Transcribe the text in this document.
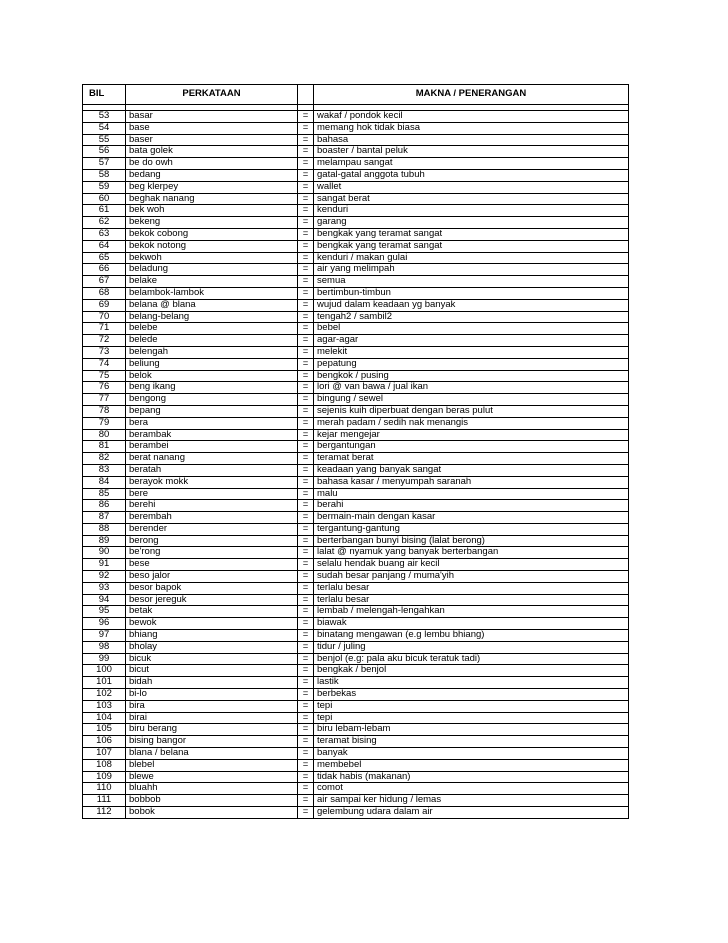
BIL	PERKATAAN		MAKNA / PENERANGAN

53	basar	=	wakaf / pondok kecil
54	base	=	memang hok tidak biasa
55	baser	=	bahasa
56	bata golek	=	boaster / bantal peluk
57	be do owh	=	melampau sangat
58	bedang	=	gatal-gatal anggota tubuh
59	beg klerpey	=	wallet
60	beghak nanang	=	sangat berat
61	bek woh	=	kenduri
62	bekeng	=	garang
63	bekok cobong	=	bengkak yang teramat sangat
64	bekok notong	=	bengkak yang teramat sangat
65	bekwoh	=	kenduri / makan gulai
66	beladung	=	air yang melimpah
67	belake	=	semua
68	belambok-lambok	=	bertimbun-timbun
69	belana @ blana	=	wujud dalam keadaan yg banyak
70	belang-belang	=	tengah2 / sambil2
71	belebe	=	bebel
72	belede	=	agar-agar
73	belengah	=	melekit
74	beliung	=	pepatung
75	belok	=	bengkok / pusing
76	beng ikang	=	lori @ van bawa / jual ikan
77	bengong	=	bingung / sewel
78	bepang	=	sejenis kuih diperbuat dengan beras pulut
79	bera	=	merah padam / sedih nak menangis
80	berambak	=	kejar mengejar
81	berambei	=	bergantungan
82	berat nanang	=	teramat berat
83	beratah	=	keadaan yang banyak sangat
84	berayok mokk	=	bahasa kasar / menyumpah saranah
85	bere	=	malu
86	berehi	=	berahi
87	berembah	=	bermain-main dengan kasar
88	berender	=	tergantung-gantung
89	berong	=	berterbangan bunyi bising (lalat berong)
90	be'rong	=	lalat @ nyamuk yang banyak berterbangan
91	bese	=	selalu hendak buang air kecil
92	beso jalor	=	sudah besar panjang / muma'yih
93	besor bapok	=	terlalu besar
94	besor jereguk	=	terlalu besar
95	betak	=	lembab / melengah-lengahkan
96	bewok	=	biawak
97	bhiang	=	binatang mengawan (e.g lembu bhiang)
98	bholay	=	tidur / juling
99	bicuk	=	benjol (e.g: pala aku bicuk teratuk tadi)
100	bicut	=	bengkak / benjol
101	bidah	=	lastik
102	bi-lo	=	berbekas
103	bira	=	tepi
104	birai	=	tepi
105	biru berang	=	biru lebam-lebam
106	bising bangor	=	teramat bising
107	blana / belana	=	banyak
108	blebel	=	membebel
109	blewe	=	tidak habis (makanan)
110	bluahh	=	comot
111	bobbob	=	air sampai ker hidung / lemas
112	bobok	=	gelembung udara dalam air
